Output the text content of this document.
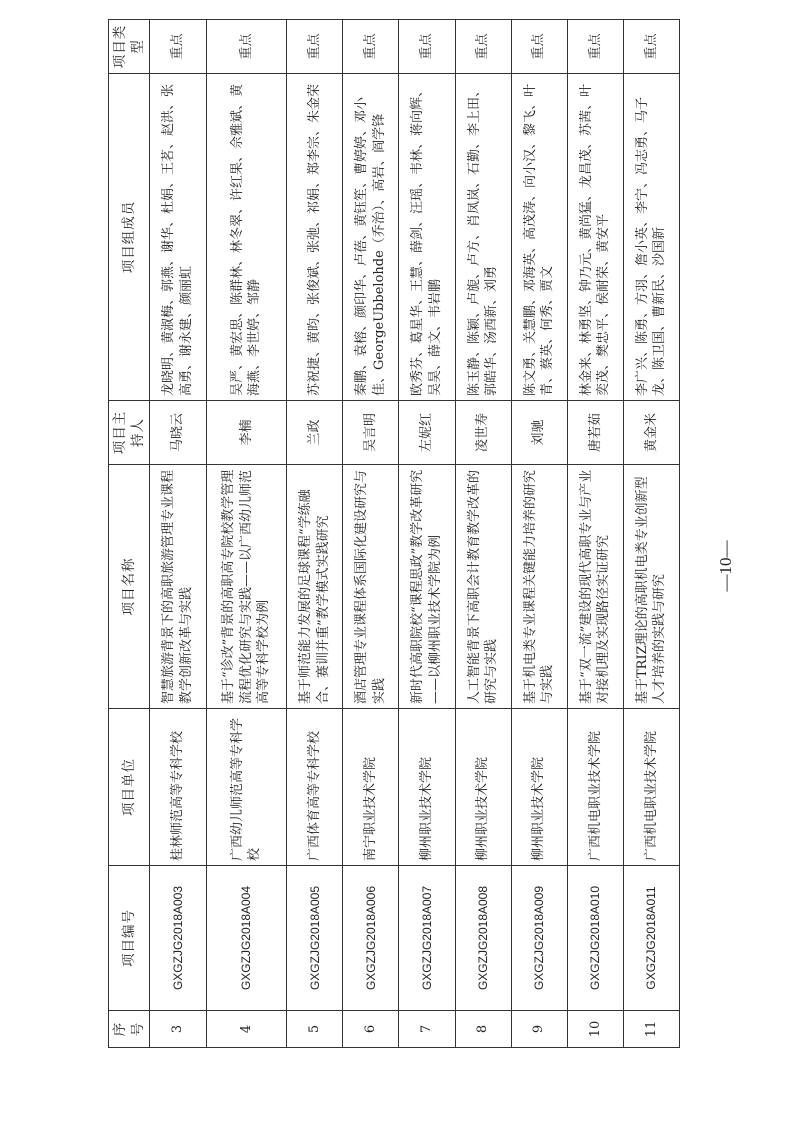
序号	项目编号	项目单位	项目名称	项目主持人	项目组成员	项目类型
3	GXGZJG2018A003	桂林师范高等专科学校	智慧旅游背景下的高职旅游管理专业课程教学创新改革与实践	马晓云	龙晓明、黄淑梅、郭燕、谢华、杜娟、王茗、赵洪、张高勇、谢永建、颜丽虹	重点
4	GXGZJG2018A004	广西幼儿师范高等专科学校	基于“诊改”背景的高职高专院校教学管理流程优化研究与实践——以广西幼儿师范高等专科学校为例	李楠	吴严、黄宏思、陈群林、林冬翠、许红果、佘雅斌、黄海燕、李世婷、邹静	重点
5	GXGZJG2018A005	广西体育高等专科学校	基于师范能力发展的足球课程“学练融合、赛训并重”教学模式实践研究	兰政	苏祝捷、黄昀、张俊斌、张弛、祁娟、郑李宗、朱金荣	重点
6	GXGZJG2018A006	南宁职业技术学院	酒店管理专业课程体系国际化建设研究与实践	吴言明	秦鹏、袁榕、颜印华、卢蓓、黄钰笙、曹婷婷、邓小佳、GeorgeUbbelohde（乔治）、高岩、阎学锋	重点
7	GXGZJG2018A007	柳州职业技术学院	新时代高职院校“课程思政”教学改革研究——以柳州职业技术学院为例	左妮红	欧秀芬、葛星华、王慧、薛剑、汪瑶、韦林、蒋向辉、吴昊、薛文、韦岩鹏	重点
8	GXGZJG2018A008	柳州职业技术学院	人工智能背景下高职会计教育教学改革的研究与实践	凌世寿	陈玉静、陈颖、卢旎、卢方、肖凤岚、石勤、李上田、郭皓华、汤西新、刘勇	重点
9	GXGZJG2018A009	柳州职业技术学院	基于机电类专业课程关键能力培养的研究与实践	刘驰	陈文勇、关慧鹏、邓海英、高茂涛、向小汉、黎飞、叶青、蔡英、何秀、贾文	重点
10	GXGZJG2018A010	广西机电职业技术学院	基于“双一流”建设的现代高职专业与产业对接机理及实现路径实证研究	唐若茹	林金来、林勇坚、钟乃元、黄尚猛、龙昌茂、苏茜、叶奕茂、樊忠平、侯耐荣、黄安平	重点
11	GXGZJG2018A011	广西机电职业技术学院	基于TRIZ理论的高职机电类专业创新型人才培养的实践与研究	黄金米	李广兴、陈勇、方羽、詹小英、李宁、冯志勇、马子龙、陈卫国、曹新民、沙国新	重点
—10—
